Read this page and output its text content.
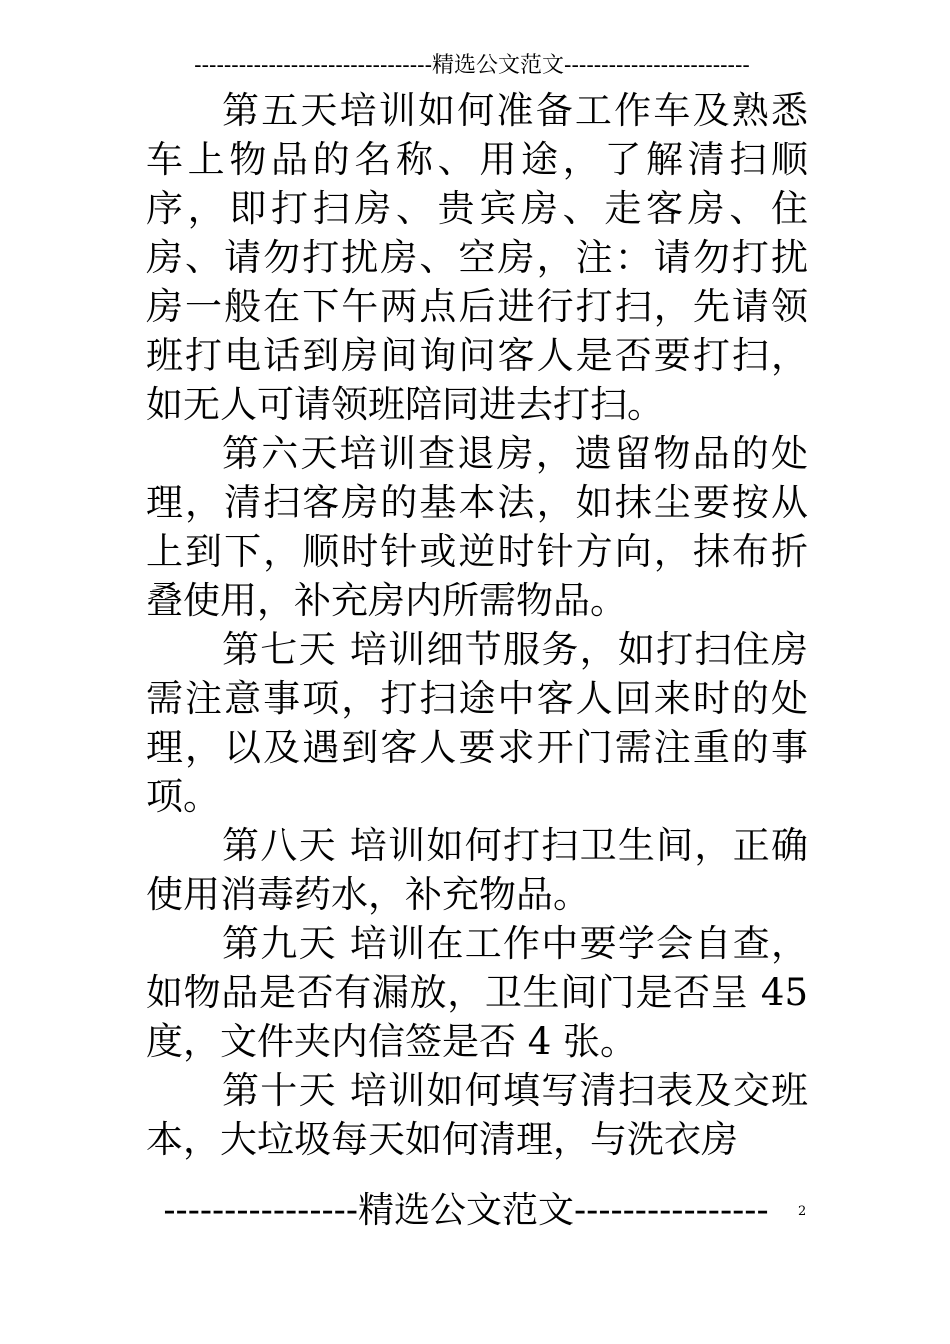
--------------------------------精选公文范文-------------------------

第五天培训如何准备工作车及熟悉车上物品的名称、用途，了解清扫顺序，即打扫房、贵宾房、走客房、住房、请勿打扰房、空房，注：请勿打扰房一般在下午两点后进行打扫，先请领班打电话到房间询问客人是否要打扫，如无人可请领班陪同进去打扫。

第六天培训查退房，遗留物品的处理，清扫客房的基本法，如抹尘要按从上到下，顺时针或逆时针方向，抹布折叠使用，补充房内所需物品。

第七天 培训细节服务，如打扫住房需注意事项，打扫途中客人回来时的处理，以及遇到客人要求开门需注重的事项。

第八天 培训如何打扫卫生间，正确使用消毒药水，补充物品。

第九天 培训在工作中要学会自查，如物品是否有漏放，卫生间门是否呈 45 度，文件夹内信签是否 4 张。

第十天 培训如何填写清扫表及交班本，大垃圾每天如何清理，与洗衣房

----------------精选公文范文----------------	2
